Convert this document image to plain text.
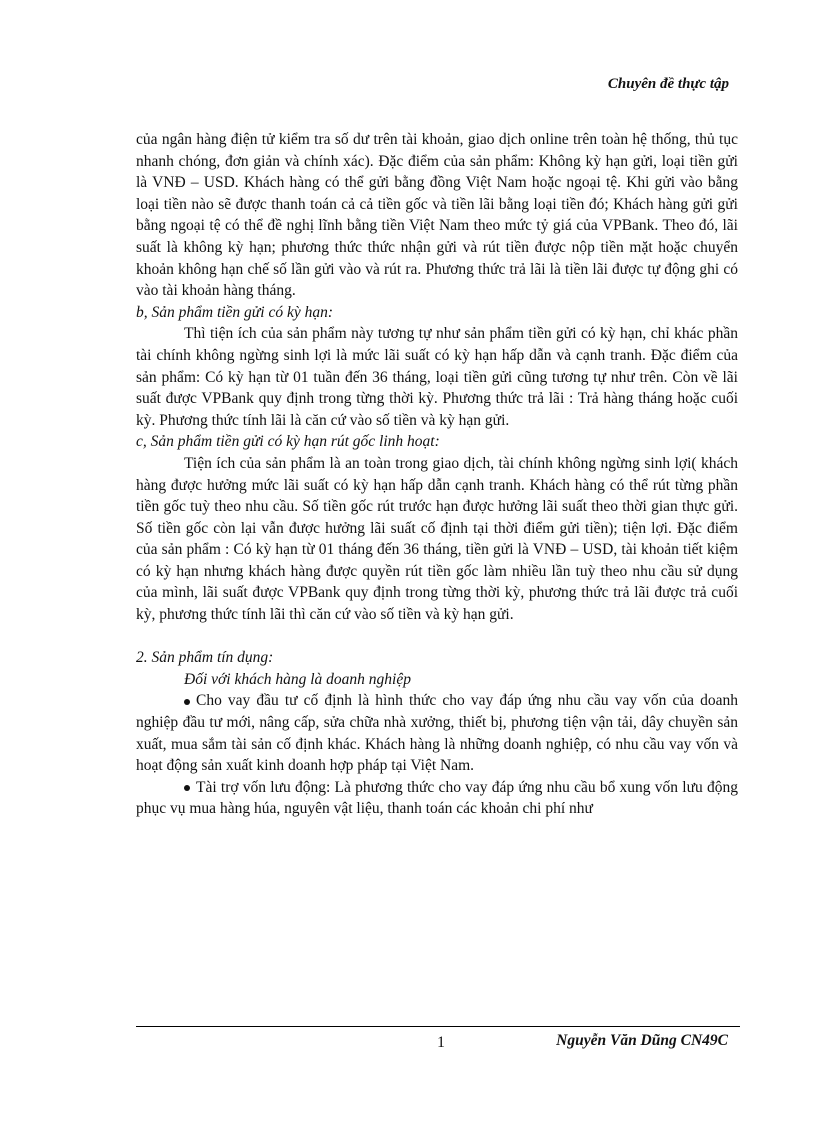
Chuyên đề thực tập

của ngân hàng điện tử kiểm tra số dư trên tài khoản, giao dịch online trên toàn hệ thống, thủ tục nhanh chóng, đơn giản và chính xác). Đặc điểm của sản phẩm: Không kỳ hạn gửi, loại tiền gửi là VNĐ – USD. Khách hàng có thể gửi bằng đồng Việt Nam hoặc ngoại tệ. Khi gửi vào bằng loại tiền nào sẽ được thanh toán cả cả tiền gốc và tiền lãi bằng loại tiền đó; Khách hàng gửi gửi bằng ngoại tệ có thể đề nghị lĩnh bằng tiền Việt Nam theo mức tỷ giá của VPBank. Theo đó, lãi suất là không kỳ hạn; phương thức thức nhận gửi và rút tiền được nộp tiền mặt hoặc chuyển khoản không hạn chế số lần gửi vào và rút ra. Phương thức trả lãi là tiền lãi được tự động ghi có vào tài khoản hàng tháng.

b, Sản phẩm tiền gửi có kỳ hạn:

Thì tiện ích của sản phẩm này tương tự như sản phẩm tiền gửi có kỳ hạn, chỉ khác phần tài chính không ngừng sinh lợi là mức lãi suất có kỳ hạn hấp dẫn và cạnh tranh. Đặc điểm của sản phẩm: Có kỳ hạn từ 01 tuần đến 36 tháng, loại tiền gửi cũng tương tự như trên. Còn về lãi suất được VPBank quy định trong từng thời kỳ. Phương thức trả lãi : Trả hàng tháng hoặc cuối kỳ. Phương thức tính lãi là căn cứ vào số tiền và kỳ hạn gửi.

c, Sản phẩm tiền gửi có kỳ hạn rút gốc linh hoạt:

Tiện ích của sản phẩm là an toàn trong giao dịch, tài chính không ngừng sinh lợi( khách hàng được hưởng mức lãi suất có kỳ hạn hấp dẫn cạnh tranh. Khách hàng có thể rút từng phần tiền gốc tuỳ theo nhu cầu. Số tiền gốc rút trước hạn được hưởng lãi suất theo thời gian thực gửi. Số tiền gốc còn lại vẫn được hưởng lãi suất cố định tại thời điểm gửi tiền); tiện lợi. Đặc điểm của sản phẩm : Có kỳ hạn từ 01 tháng đến 36 tháng, tiền gửi là VNĐ – USD, tài khoản tiết kiệm có kỳ hạn nhưng khách hàng được quyền rút tiền gốc làm nhiều lần tuỳ theo nhu cầu sử dụng của mình, lãi suất được VPBank quy định trong từng thời kỳ, phương thức trả lãi được trả cuối kỳ, phương thức tính lãi thì căn cứ vào số tiền và kỳ hạn gửi.

2. Sản phẩm tín dụng:

Đối với khách hàng là doanh nghiệp

Cho vay đầu tư cố định là hình thức cho vay đáp ứng nhu cầu vay vốn của doanh nghiệp đầu tư mới, nâng cấp, sửa chữa nhà xưởng, thiết bị, phương tiện vận tải, dây chuyền sản xuất, mua sắm tài sản cố định khác. Khách hàng là những doanh nghiệp, có nhu cầu vay vốn và hoạt động sản xuất kinh doanh hợp pháp tại Việt Nam.

Tài trợ vốn lưu động: Là phương thức cho vay đáp ứng nhu cầu bổ xung vốn lưu động phục vụ mua hàng húa, nguyên vật liệu, thanh toán các khoản chi phí như

1	Nguyễn Văn Dũng CN49C
